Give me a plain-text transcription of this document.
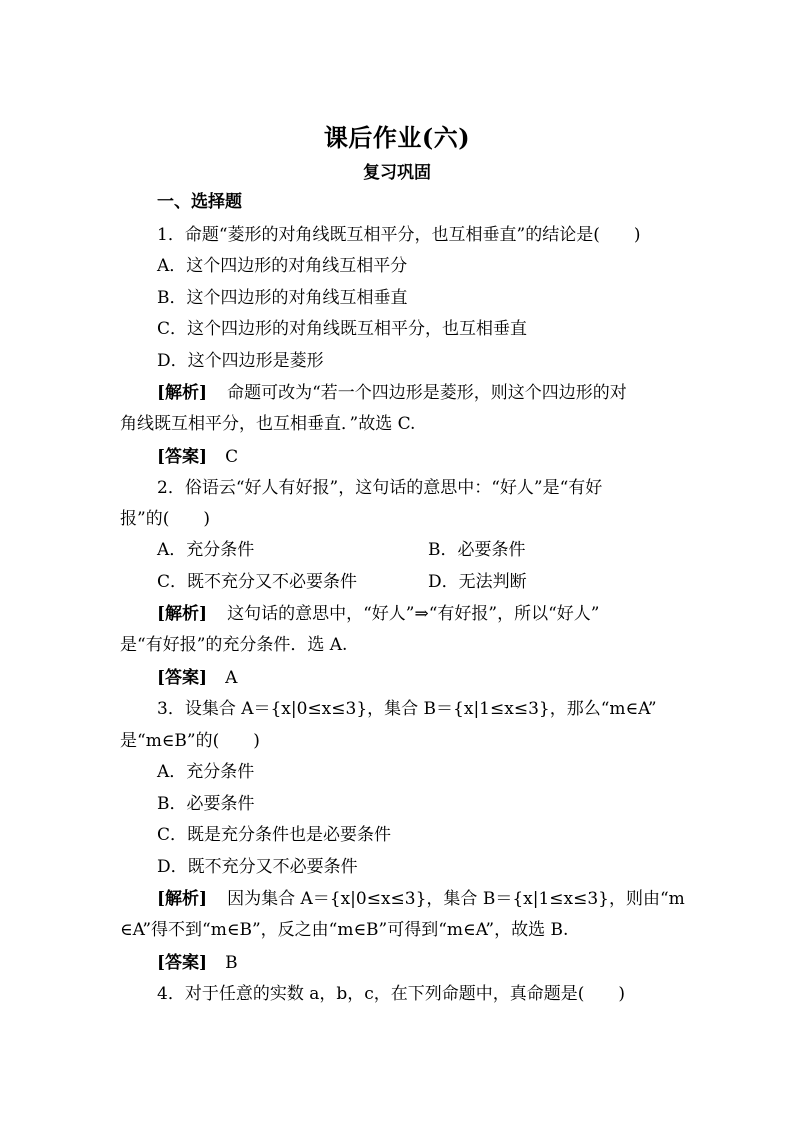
课后作业(六)
复习巩固
一、选择题
1．命题“菱形的对角线既互相平分，也互相垂直”的结论是(　　)
A．这个四边形的对角线互相平分
B．这个四边形的对角线互相垂直
C．这个四边形的对角线既互相平分，也互相垂直
D．这个四边形是菱形
[解析] 命题可改为“若一个四边形是菱形，则这个四边形的对
角线既互相平分，也互相垂直．”故选 C.
[答案] C
2．俗语云“好人有好报”，这句话的意思中：“好人”是“有好
报”的(　　)
A．充分条件	B．必要条件
C．既不充分又不必要条件	D．无法判断
[解析] 这句话的意思中，“好人”⇒“有好报”，所以“好人”
是“有好报”的充分条件．选 A.
[答案] A
3．设集合 A＝{x|0≤x≤3}，集合 B＝{x|1≤x≤3}，那么“m∈A”
是“m∈B”的(　　)
A．充分条件
B．必要条件
C．既是充分条件也是必要条件
D．既不充分又不必要条件
[解析] 因为集合 A＝{x|0≤x≤3}，集合 B＝{x|1≤x≤3}，则由“m
∈A”得不到“m∈B”，反之由“m∈B”可得到“m∈A”，故选 B.
[答案] B
4．对于任意的实数 a，b，c，在下列命题中，真命题是(　　)
